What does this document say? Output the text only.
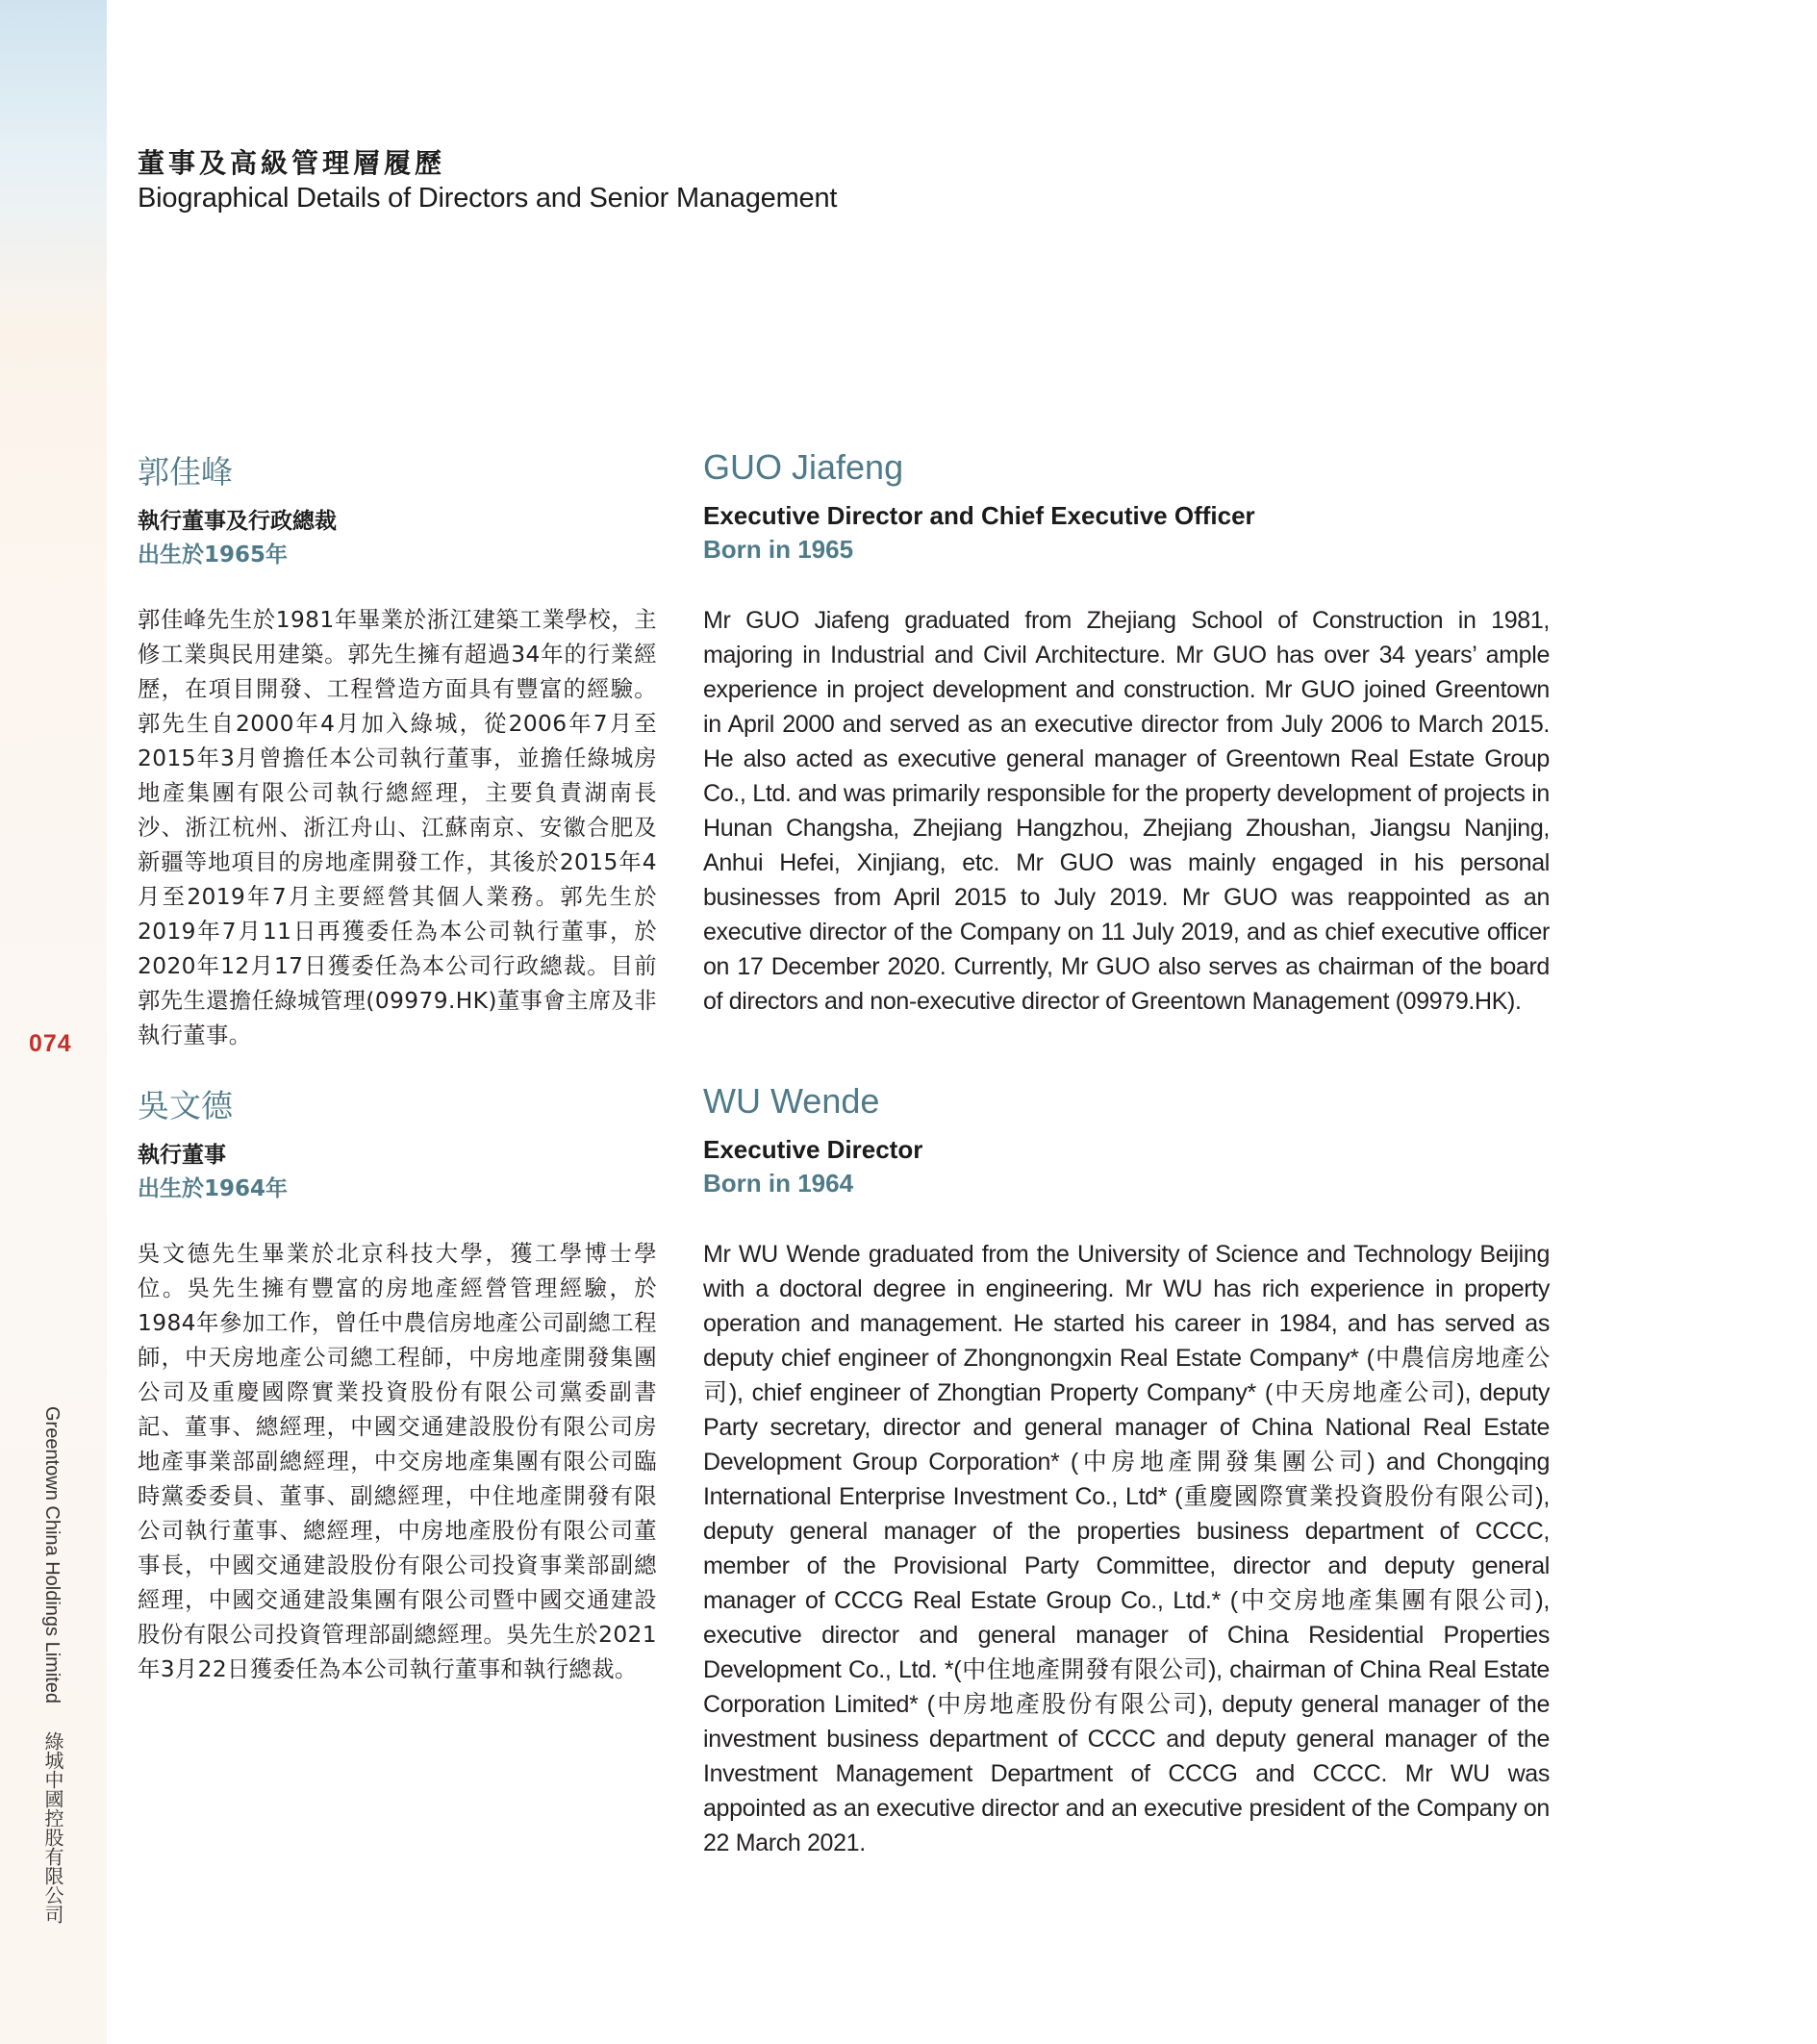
074
Greentown China Holdings Limited  綠城中國控股有限公司
董事及高級管理層履歷
Biographical Details of Directors and Senior Management
郭佳峰
執行董事及行政總裁
出生於1965年
郭佳峰先生於1981年畢業於浙江建築工業學校，主修工業與民用建築。郭先生擁有超過34年的行業經歷，在項目開發、工程營造方面具有豐富的經驗。郭先生自2000年4月加入綠城，從2006年7月至2015年3月曾擔任本公司執行董事，並擔任綠城房地產集團有限公司執行總經理，主要負責湖南長沙、浙江杭州、浙江舟山、江蘇南京、安徽合肥及新疆等地項目的房地產開發工作，其後於2015年4月至2019年7月主要經營其個人業務。郭先生於2019年7月11日再獲委任為本公司執行董事，於2020年12月17日獲委任為本公司行政總裁。目前郭先生還擔任綠城管理(09979.HK)董事會主席及非執行董事。
GUO Jiafeng
Executive Director and Chief Executive Officer
Born in 1965
Mr GUO Jiafeng graduated from Zhejiang School of Construction in 1981, majoring in Industrial and Civil Architecture. Mr GUO has over 34 years’ ample experience in project development and construction. Mr GUO joined Greentown in April 2000 and served as an executive director from July 2006 to March 2015. He also acted as executive general manager of Greentown Real Estate Group Co., Ltd. and was primarily responsible for the property development of projects in Hunan Changsha, Zhejiang Hangzhou, Zhejiang Zhoushan, Jiangsu Nanjing, Anhui Hefei, Xinjiang, etc. Mr GUO was mainly engaged in his personal businesses from April 2015 to July 2019. Mr GUO was reappointed as an executive director of the Company on 11 July 2019, and as chief executive officer on 17 December 2020. Currently, Mr GUO also serves as chairman of the board of directors and non-executive director of Greentown Management (09979.HK).
吳文德
執行董事
出生於1964年
吳文德先生畢業於北京科技大學，獲工學博士學位。吳先生擁有豐富的房地產經營管理經驗，於1984年參加工作，曾任中農信房地產公司副總工程師，中天房地產公司總工程師，中房地產開發集團公司及重慶國際實業投資股份有限公司黨委副書記、董事、總經理，中國交通建設股份有限公司房地產事業部副總經理，中交房地產集團有限公司臨時黨委委員、董事、副總經理，中住地產開發有限公司執行董事、總經理，中房地產股份有限公司董事長，中國交通建設股份有限公司投資事業部副總經理，中國交通建設集團有限公司暨中國交通建設股份有限公司投資管理部副總經理。吳先生於2021年3月22日獲委任為本公司執行董事和執行總裁。
WU Wende
Executive Director
Born in 1964
Mr WU Wende graduated from the University of Science and Technology Beijing with a doctoral degree in engineering. Mr WU has rich experience in property operation and management. He started his career in 1984, and has served as deputy chief engineer of Zhongnongxin Real Estate Company* (中農信房地產公司), chief engineer of Zhongtian Property Company* (中天房地產公司), deputy Party secretary, director and general manager of China National Real Estate Development Group Corporation* (中房地產開發集團公司) and Chongqing International Enterprise Investment Co., Ltd* (重慶國際實業投資股份有限公司), deputy general manager of the properties business department of CCCC, member of the Provisional Party Committee, director and deputy general manager of CCCG Real Estate Group Co., Ltd.* (中交房地產集團有限公司), executive director and general manager of China Residential Properties Development Co., Ltd. *(中住地產開發有限公司), chairman of China Real Estate Corporation Limited* (中房地產股份有限公司), deputy general manager of the investment business department of CCCC and deputy general manager of the Investment Management Department of CCCG and CCCC. Mr WU was appointed as an executive director and an executive president of the Company on 22 March 2021.
